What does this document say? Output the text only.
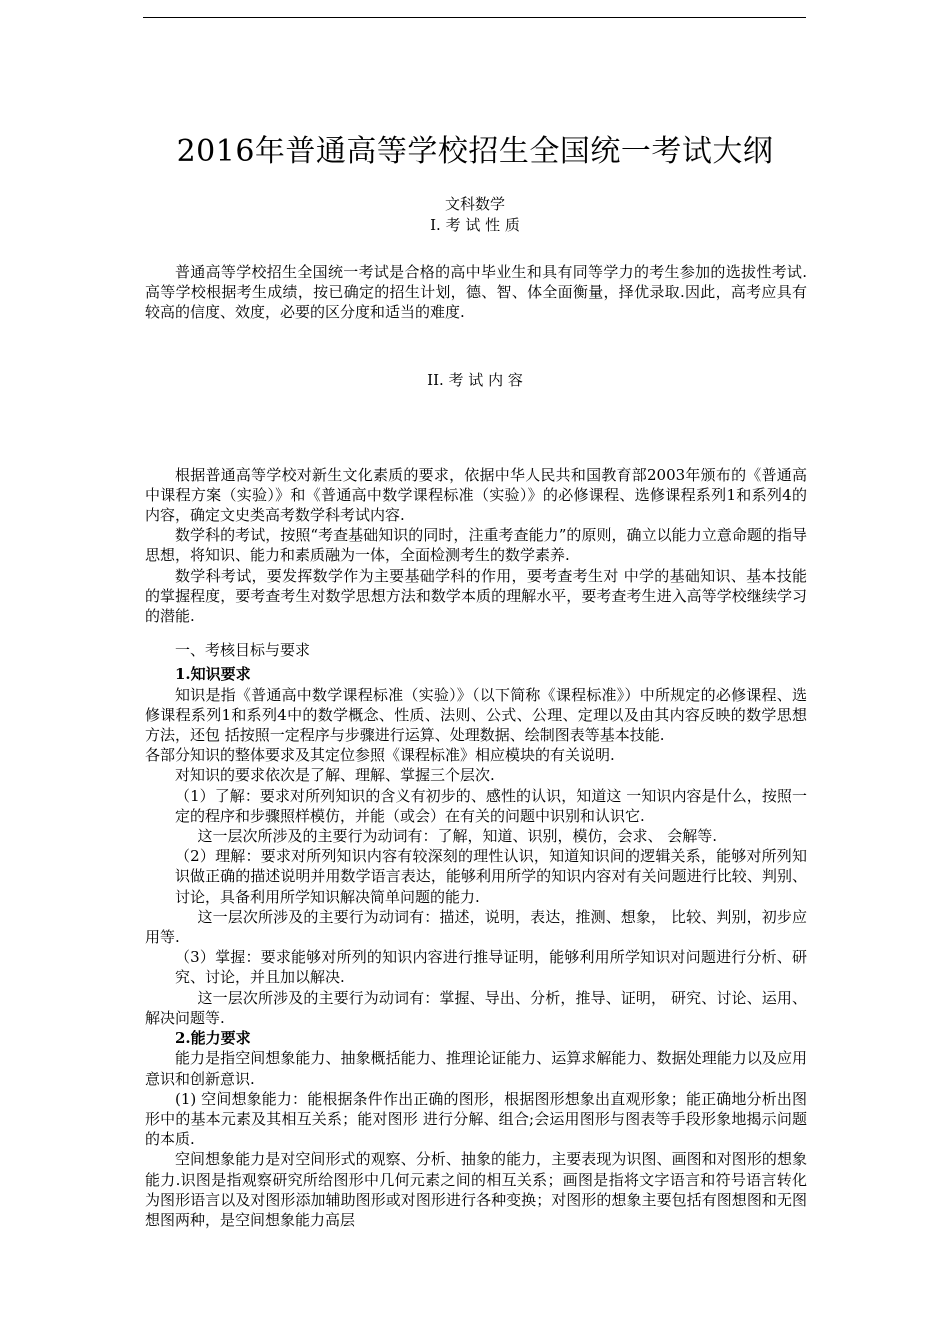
2016年普通高等学校招生全国统一考试大纲
文科数学
I. 考 试 性 质
II. 考 试 内 容

普通高等学校招生全国统一考试是合格的高中毕业生和具有同等学力的考生参加的选拔性考试.高等学校根据考生成绩，按已确定的招生计划，德、智、体全面衡量，择优录取.因此，高考应具有较高的信度、效度，必要的区分度和适当的难度.

根据普通高等学校对新生文化素质的要求，依据中华人民共和国教育部2003年颁布的《普通高中课程方案（实验）》和《普通高中数学课程标准（实验）》的必修课程、选修课程系列1和系列4的内容，确定文史类高考数学科考试内容.

数学科的考试，按照“考查基础知识的同时，注重考查能力”的原则，确立以能力立意命题的指导思想，将知识、能力和素质融为一体，全面检测考生的数学素养.

数学科考试，要发挥数学作为主要基础学科的作用，要考查考生对 中学的基础知识、基本技能的掌握程度，要考查考生对数学思想方法和数学本质的理解水平，要考查考生进入高等学校继续学习的潜能.

一、考核目标与要求

1.知识要求

知识是指《普通高中数学课程标准（实验）》（以下简称《课程标准》）中所规定的必修课程、选修课程系列1和系列4中的数学概念、性质、法则、公式、公理、定理以及由其内容反映的数学思想方法，还包 括按照一定程序与步骤进行运算、处理数据、绘制图表等基本技能.

各部分知识的整体要求及其定位参照《课程标准》相应模块的有关说明.

对知识的要求依次是了解、理解、掌握三个层次.

（1）了解：要求对所列知识的含义有初步的、感性的认识，知道这 一知识内容是什么，按照一定的程序和步骤照样模仿，并能（或会）在有关的问题中识别和认识它.

这一层次所涉及的主要行为动词有：了解，知道、识别，模仿，会求、 会解等.

（2）理解：要求对所列知识内容有较深刻的理性认识，知道知识间的逻辑关系，能够对所列知识做正确的描述说明并用数学语言表达，能够利用所学的知识内容对有关问题进行比较、判别、讨论，具备利用所学知识解决简单问题的能力.

这一层次所涉及的主要行为动词有：描述，说明，表达，推测、想象， 比较、判别，初步应用等.

（3）掌握：要求能够对所列的知识内容进行推导证明，能够利用所学知识对问题进行分析、研究、讨论，并且加以解决.

这一层次所涉及的主要行为动词有：掌握、导出、分析，推导、证明， 研究、讨论、运用、解决问题等.

2.能力要求

能力是指空间想象能力、抽象概括能力、推理论证能力、运算求解能力、数据处理能力以及应用意识和创新意识.

(1) 空间想象能力：能根据条件作出正确的图形，根据图形想象出直观形象；能正确地分析出图形中的基本元素及其相互关系；能对图形 进行分解、组合;会运用图形与图表等手段形象地揭示问题的本质.

空间想象能力是对空间形式的观察、分析、抽象的能力，主要表现为识图、画图和对图形的想象能力.识图是指观察研究所给图形中几何元素之间的相互关系；画图是指将文字语言和符号语言转化为图形语言以及对图形添加辅助图形或对图形进行各种变换；对图形的想象主要包括有图想图和无图想图两种，是空间想象能力高层
